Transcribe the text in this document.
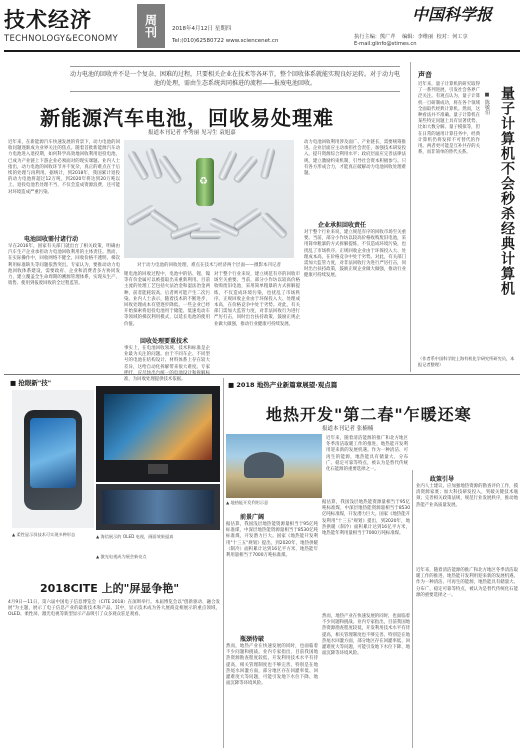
技术经济
TECHNOLOGY&ECONOMY
周刊	2018年4月12日 星期四
Tel:(010)62580722 www.sciencenet.cn
中国科学报
执行主编：熊广芹    编辑：李维丽  校对：何工享
E-mail:glinfo@stimes.cn
动力电池的回收并不是一个复杂、困难的过程，只要相关企业在技术等各环节，整个回收体系就能实现良好运转。对于动力电池的处理，需由生态系统共同推进的流程——报废电池回收。
新能源汽车电池，回收易处理难
报道本刊记者 李秀丽 见习生 袁旭嘉
近年来，在新能源汽车快速发展的背景下，动力电池的回收问题逐渐成为业界关注的焦点。随着首批新能源汽车动力电池进入退役期，如何科学高效地回收利用退役电池，已成为产业链上下游企业必须面对的现实课题。业内人士指出，动力电池的回收环节并不复杂，真正的难点在于后续的处理与再利用。据统计，到2018年，我国累计退役的动力电池将超过12万吨，到2020年将达到20万吨以上。退役电池若处理不当，不仅会造成资源浪费，还可能对环境造成严重污染。
电池回收需付诸行动
早在2016年，国家有关部门就出台了相关政策，明确由汽车生产企业承担动力电池回收利用的主体责任。然而，在实际操作中，回收网络不健全、回收价格不透明、梯次利用标准缺失等问题依然突出。专家认为，要推动动力电池回收体系建设，需要政府、企业和消费者多方协同发力，建立覆盖全生命周期的溯源管理体系，实现从生产、销售、使用到报废回收的全过程监管。
♻
对于动力电池的回收处理，难点在技术与经济两个层面——摄影本刊记者
锂电池的回收过程中，电池中的钴、锂、镍等有价金属可以被提取出来重新利用。目前主流的处理工艺包括火法冶金和湿法冶金两种，前者能耗较高，后者则可能产生二次污染。业内人士表示，随着技术的不断进步，回收处理成本有望逐步降低。一些企业已经开始探索将退役电池用于储能、低速电动车等领域的梯次利用模式，以延长电池的使用价值。
回收处理要重技术
事实上，在电池回收领域，技术和标准是企业最为关注的问题。由于不同车企、不同型号的电池在结构设计、材料体系上存在较大差异，这给自动化拆解带来很大难度。专家呼吁，应尽快出台统一的电池设计和拆解标准，为回收处理提供技术依据。
对于整个行业来说，建立规范有序的回收市场至关重要。当前，部分小作坊以较高价格收购废旧电池，采用简单粗暴的方式拆解提炼，不仅造成环境污染，也扰乱了市场秩序。正规回收企业由于环保投入大、处理成本高，在价格竞争中处于劣势。对此，有关部门需加大监管力度，对非法回收行为进行严厉打击，同时出台扶持政策，鼓励正规企业做大做强，推动行业健康可持续发展。
动力电池回收利用涉及面广、产业链长，需要统筹推进。企业层面应主动承担社会责任，加强技术研发投入，提升资源综合利用水平；政府层面应完善法律法规，建立激励约束机制，引导社会资本积极参与。只有各方形成合力，才能真正破解动力电池回收处理难题。
企业承担回收责任
对于整个行业来说，建立规范有序的回收市场至关重要。当前，部分小作坊以较高价格收购废旧电池，采用简单粗暴的方式拆解提炼，不仅造成环境污染，也扰乱了市场秩序。正规回收企业由于环保投入大、处理成本高，在价格竞争中处于劣势。对此，有关部门需加大监管力度，对非法回收行为进行严厉打击，同时出台扶持政策，鼓励正规企业做大做强，推动行业健康可持续发展。
声音
量子计算机不会秒杀经典计算机
■ 陈敏伯
近年来，量子计算机的研究取得了一系列进展，引发社会各界广泛关注。有观点认为，量子计算机一旦研制成功，将在各个领域全面取代经典计算机。然而，这种看法并不准确。量子计算机在某些特定问题上具有显著优势，比如大数分解、量子模拟等，但在日常的通用计算任务中，经典计算机仍将发挥不可替代的作用。两者更可能是互补共存的关系，而非简单的替代关系。
（作者系中国科学院上海有机化学研究所研究员，本报记者整理）
■ 抢眼新"技"
▲ 柔性显示屏技术可实现多种形态	▲ 海信展示的 OLED 电视，画面效果逼真
▲ 激光电视成为展会新亮点
2018CITE 上的"屏显争艳"
4月9日—11日，第六届中国电子信息博览会（CITE 2018）在深圳举行。本届博览会以"创新驱动、融合发展"为主题，展示了电子信息产业的最新技术和产品。其中，显示技术成为各大展商竞相展示的重点领域，OLED、柔性屏、激光电视等新型显示产品吸引了众多观众驻足观看。
■ 2018 地热产业新篇章展望·观点篇
地热开发"第二春"乍暖还寒
报道本刊记者 张楠楠
▲ 地热能开发利用示意
近年来，随着清洁能源的推广和北方地区冬季清洁取暖工作的推进，地热能开发利用迎来新的发展机遇。作为一种清洁、可再生的能源，地热能具有储量大、分布广、稳定可靠等特点，被认为是替代传统化石能源的重要选择之一。
前景广阔
据估算，我国浅层地热能资源量相当于95亿吨标准煤，中深层地热能资源量相当于8530亿吨标准煤，开发潜力巨大。国家《地热能开发利用"十三五"规划》提出，到2020年，地热供暖（制冷）面积累计达到16亿平方米，地热能年利用量相当于7000万吨标准煤。
瓶颈待破
然而，地热产业在快速发展的同时，也面临着不少问题和挑战。业内专家指出，目前我国地热资源勘查程度较低，开发利用技术水平有待提高，相关管理制度也不够完善。特别是在地热尾水回灌方面，部分地区存在回灌率低、回灌难度大等问题，可能引发地下水位下降、地面沉降等环境风险。
据估算，我国浅层地热能资源量相当于95亿吨标准煤，中深层地热能资源量相当于8530亿吨标准煤，开发潜力巨大。国家《地热能开发利用"十三五"规划》提出，到2020年，地热供暖（制冷）面积累计达到16亿平方米，地热能年利用量相当于7000万吨标准煤。
然而，地热产业在快速发展的同时，也面临着不少问题和挑战。业内专家指出，目前我国地热资源勘查程度较低，开发利用技术水平有待提高，相关管理制度也不够完善。特别是在地热尾水回灌方面，部分地区存在回灌率低、回灌难度大等问题，可能引发地下水位下降、地面沉降等环境风险。
政策引导
业内人士建议，应加强地热资源的勘查评价工作，摸清资源家底；加大科技研发投入，突破关键技术瓶颈；完善相关政策法规，规范行业发展秩序，推动地热能产业高质量发展。
近年来，随着清洁能源的推广和北方地区冬季清洁取暖工作的推进，地热能开发利用迎来新的发展机遇。作为一种清洁、可再生的能源，地热能具有储量大、分布广、稳定可靠等特点，被认为是替代传统化石能源的重要选择之一。
